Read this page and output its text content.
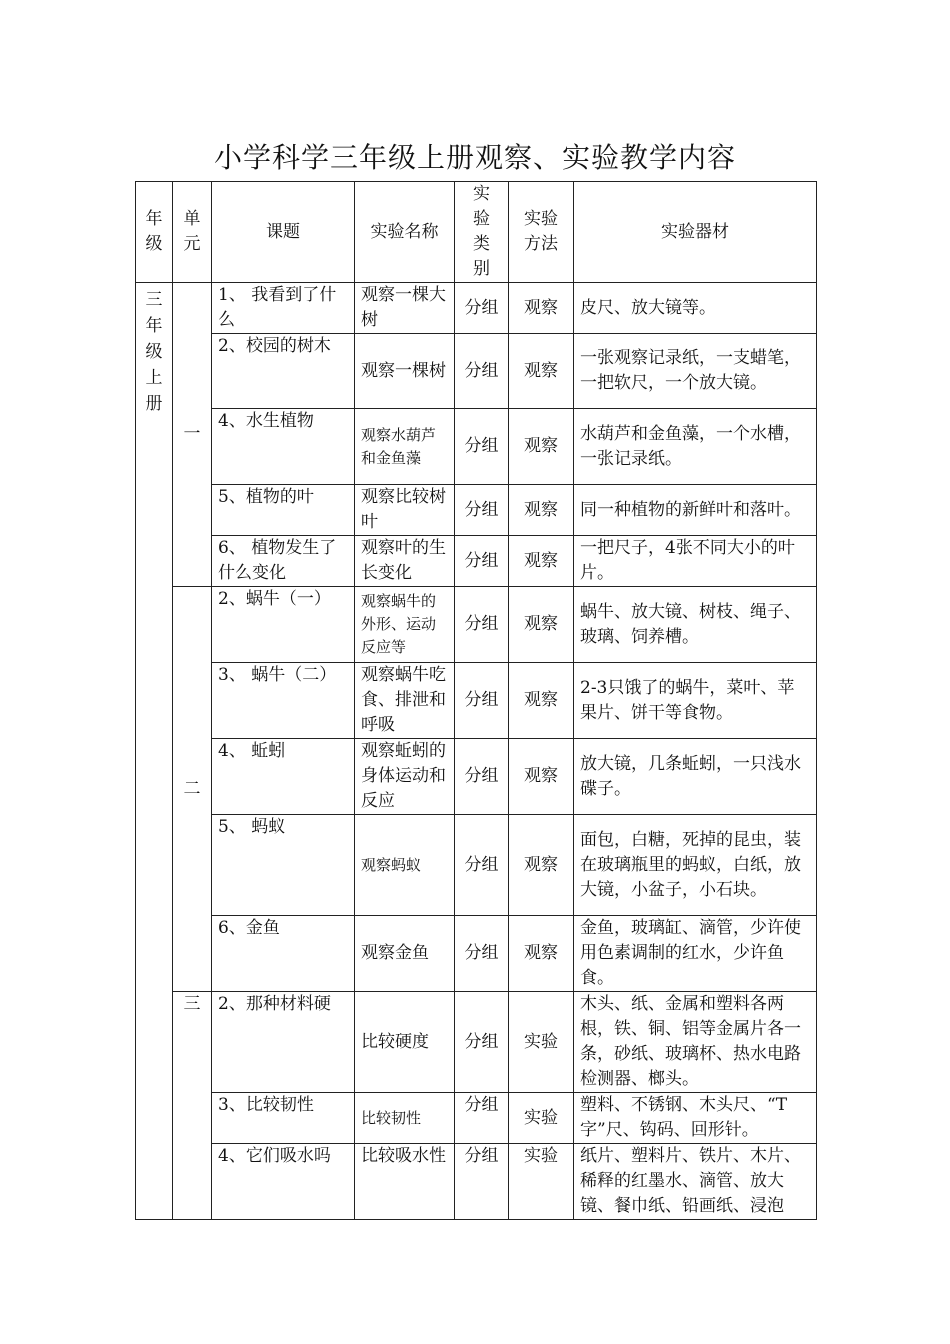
小学科学三年级上册观察、实验教学内容
年级	单元	课题	实验名称	实验类别	实验方法	实验器材

三年级上册	一	1、 我看到了什么	观察一棵大树	分组	观察	皮尺、放大镜等。
		2、校园的树木	观察一棵树	分组	观察	一张观察记录纸，一支蜡笔，一把软尺，一个放大镜。
		4、水生植物	观察水葫芦和金鱼藻	分组	观察	水葫芦和金鱼藻，一个水槽，一张记录纸。
		5、植物的叶	观察比较树叶	分组	观察	同一种植物的新鲜叶和落叶。
		6、 植物发生了什么变化	观察叶的生长变化	分组	观察	一把尺子，4张不同大小的叶片。
	二	2、蜗牛（一）	观察蜗牛的外形、运动反应等	分组	观察	蜗牛、放大镜、树枝、绳子、玻璃、饲养槽。
		3、 蜗牛（二）	观察蜗牛吃食、排泄和呼吸	分组	观察	2-3只饿了的蜗牛，菜叶、苹果片、饼干等食物。
		4、 蚯蚓	观察蚯蚓的身体运动和反应	分组	观察	放大镜，几条蚯蚓，一只浅水碟子。
		5、 蚂蚁	观察蚂蚁	分组	观察	面包，白糖，死掉的昆虫，装在玻璃瓶里的蚂蚁，白纸，放大镜，小盆子，小石块。
		6、金鱼	观察金鱼	分组	观察	金鱼，玻璃缸、滴管，少许使用色素调制的红水，少许鱼食。
	三	2、那种材料硬	比较硬度	分组	实验	木头、纸、金属和塑料各两根，铁、铜、铝等金属片各一条，砂纸、玻璃杯、热水电路检测器、榔头。
		3、比较韧性	比较韧性	分组	实验	塑料、不锈钢、木头尺、“T字”尺、钩码、回形针。
		4、它们吸水吗	比较吸水性	分组	实验	纸片、塑料片、铁片、木片、稀释的红墨水、滴管、放大镜、餐巾纸、铅画纸、浸泡
